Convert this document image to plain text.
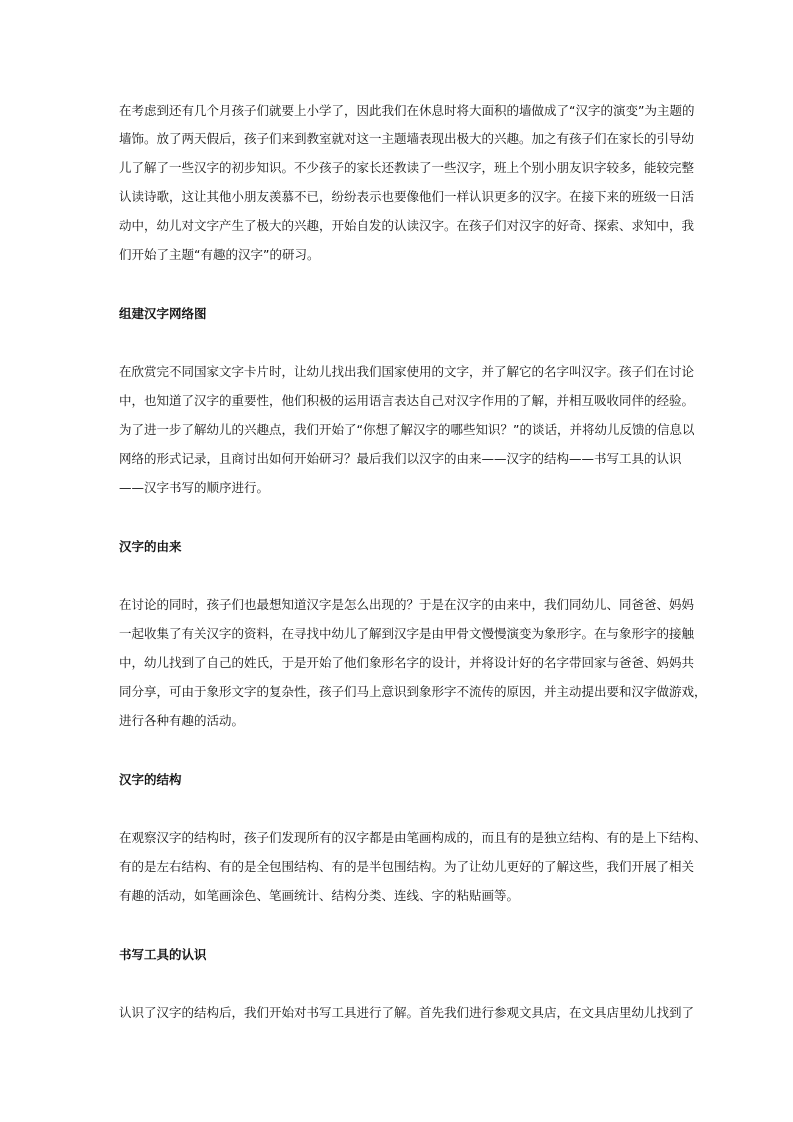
在考虑到还有几个月孩子们就要上小学了，因此我们在休息时将大面积的墙做成了“汉字的演变”为主题的
墙饰。放了两天假后，孩子们来到教室就对这一主题墙表现出极大的兴趣。加之有孩子们在家长的引导幼
儿了解了一些汉字的初步知识。不少孩子的家长还教读了一些汉字，班上个别小朋友识字较多，能较完整
认读诗歌，这让其他小朋友羡慕不已，纷纷表示也要像他们一样认识更多的汉字。在接下来的班级一日活
动中，幼儿对文字产生了极大的兴趣，开始自发的认读汉字。在孩子们对汉字的好奇、探索、求知中，我
们开始了主题“有趣的汉字”的研习。
组建汉字网络图
在欣赏完不同国家文字卡片时，让幼儿找出我们国家使用的文字，并了解它的名字叫汉字。孩子们在讨论
中，也知道了汉字的重要性，他们积极的运用语言表达自己对汉字作用的了解，并相互吸收同伴的经验。
为了进一步了解幼儿的兴趣点，我们开始了“你想了解汉字的哪些知识？”的谈话，并将幼儿反馈的信息以
网络的形式记录，且商讨出如何开始研习？最后我们以汉字的由来——汉字的结构——书写工具的认识
——汉字书写的顺序进行。
汉字的由来
在讨论的同时，孩子们也最想知道汉字是怎么出现的？于是在汉字的由来中，我们同幼儿、同爸爸、妈妈
一起收集了有关汉字的资料，在寻找中幼儿了解到汉字是由甲骨文慢慢演变为象形字。在与象形字的接触
中，幼儿找到了自己的姓氏，于是开始了他们象形名字的设计，并将设计好的名字带回家与爸爸、妈妈共
同分享，可由于象形文字的复杂性，孩子们马上意识到象形字不流传的原因，并主动提出要和汉字做游戏，
进行各种有趣的活动。
汉字的结构
在观察汉字的结构时，孩子们发现所有的汉字都是由笔画构成的，而且有的是独立结构、有的是上下结构、
有的是左右结构、有的是全包围结构、有的是半包围结构。为了让幼儿更好的了解这些，我们开展了相关
有趣的活动，如笔画涂色、笔画统计、结构分类、连线、字的粘贴画等。
书写工具的认识
认识了汉字的结构后，我们开始对书写工具进行了解。首先我们进行参观文具店，在文具店里幼儿找到了
